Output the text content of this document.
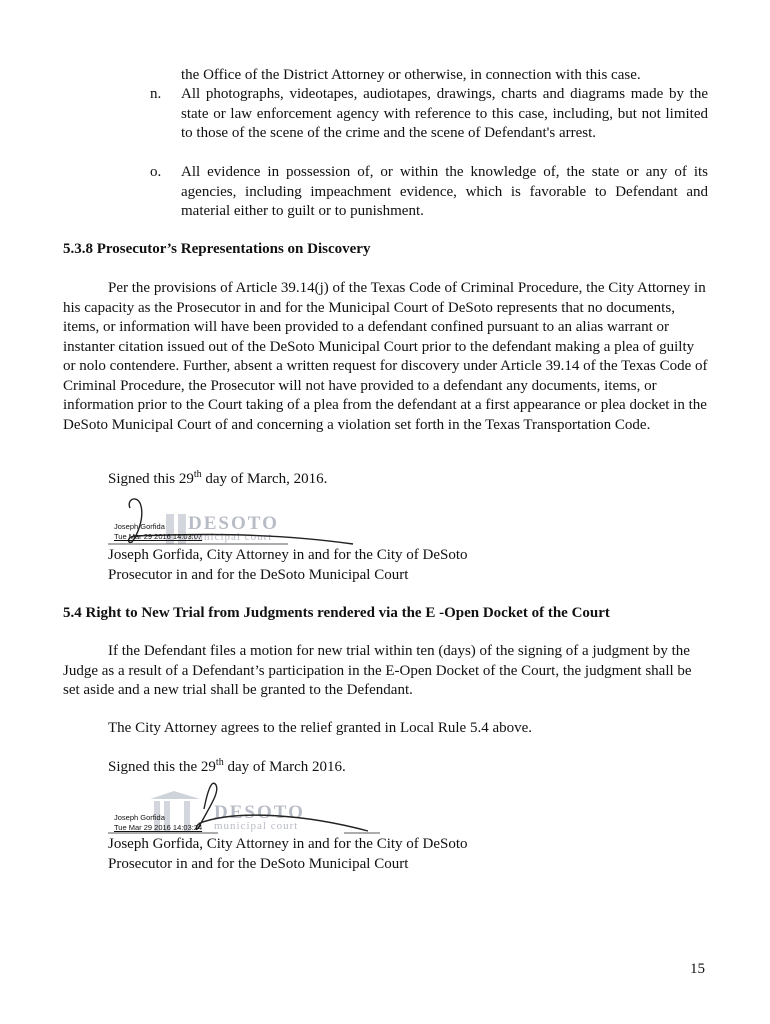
the Office of the District Attorney or otherwise, in connection with this case.
n. All photographs, videotapes, audiotapes, drawings, charts and diagrams made by the state or law enforcement agency with reference to this case, including, but not limited to those of the scene of the crime and the scene of Defendant's arrest.
o. All evidence in possession of, or within the knowledge of, the state or any of its agencies, including impeachment evidence, which is favorable to Defendant and material either to guilt or to punishment.
5.3.8 Prosecutor’s Representations on Discovery
Per the provisions of Article 39.14(j) of the Texas Code of Criminal Procedure, the City Attorney in his capacity as the Prosecutor in and for the Municipal Court of DeSoto represents that no documents, items, or information will have been provided to a defendant confined pursuant to an alias warrant or instanter citation issued out of the DeSoto Municipal Court prior to the defendant making a plea of guilty or nolo contendere. Further, absent a written request for discovery under Article 39.14 of the Texas Code of Criminal Procedure, the Prosecutor will not have provided to a defendant any documents, items, or information prior to the Court taking of a plea from the defendant at a first appearance or plea docket in the DeSoto Municipal Court of and concerning a violation set forth in the Texas Transportation Code.
Signed this 29th day of March, 2016.
DESOTO
municipal court
Joseph Gorfida
Tue Mar 29 2016 14:03:07
Joseph Gorfida, City Attorney in and for the City of DeSoto
Prosecutor in and for the DeSoto Municipal Court
5.4 Right to New Trial from Judgments rendered via the E -Open Docket of the Court
If the Defendant files a motion for new trial within ten (days) of the signing of a judgment by the Judge as a result of a Defendant’s participation in the E-Open Docket of the Court, the judgment shall be set aside and a new trial shall be granted to the Defendant.
The City Attorney agrees to the relief granted in Local Rule 5.4 above.
Signed this the 29th day of March 2016.
DESOTO
municipal court
Joseph Gorfida
Tue Mar 29 2016 14:03:24
Joseph Gorfida, City Attorney in and for the City of DeSoto
Prosecutor in and for the DeSoto Municipal Court
15
